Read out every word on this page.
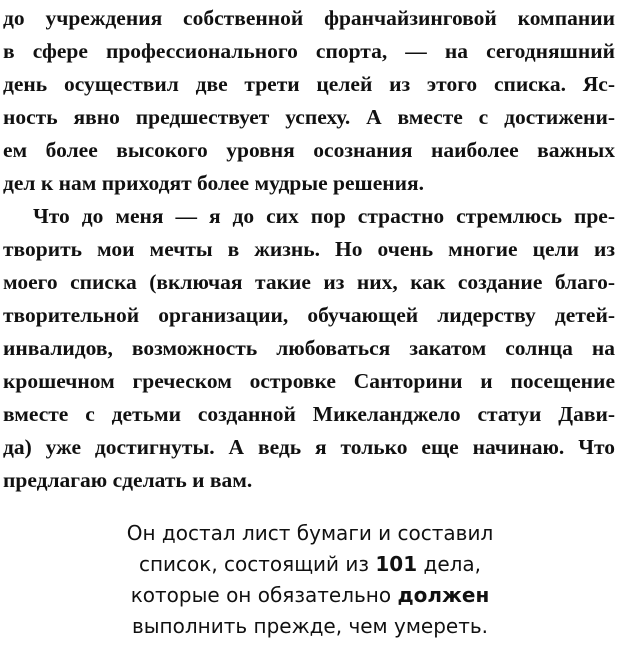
до учреждения собственной франчайзинговой компании
в сфере профессионального спорта, — на сегодняшний
день осуществил две трети целей из этого списка. Яс-
ность явно предшествует успеху. А вместе с достижени-
ем более высокого уровня осознания наиболее важных
дел к нам приходят более мудрые решения.
Что до меня — я до сих пор страстно стремлюсь пре-
творить мои мечты в жизнь. Но очень многие цели из
моего списка (включая такие из них, как создание благо-
творительной организации, обучающей лидерству детей-
инвалидов, возможность любоваться закатом солнца на
крошечном греческом островке Санторини и посещение
вместе с детьми созданной Микеланджело статуи Дави-
да) уже достигнуты. А ведь я только еще начинаю. Что
предлагаю сделать и вам.
Он достал лист бумаги и составил
список, состоящий из 101 дела,
которые он обязательно должен
выполнить прежде, чем умереть.
